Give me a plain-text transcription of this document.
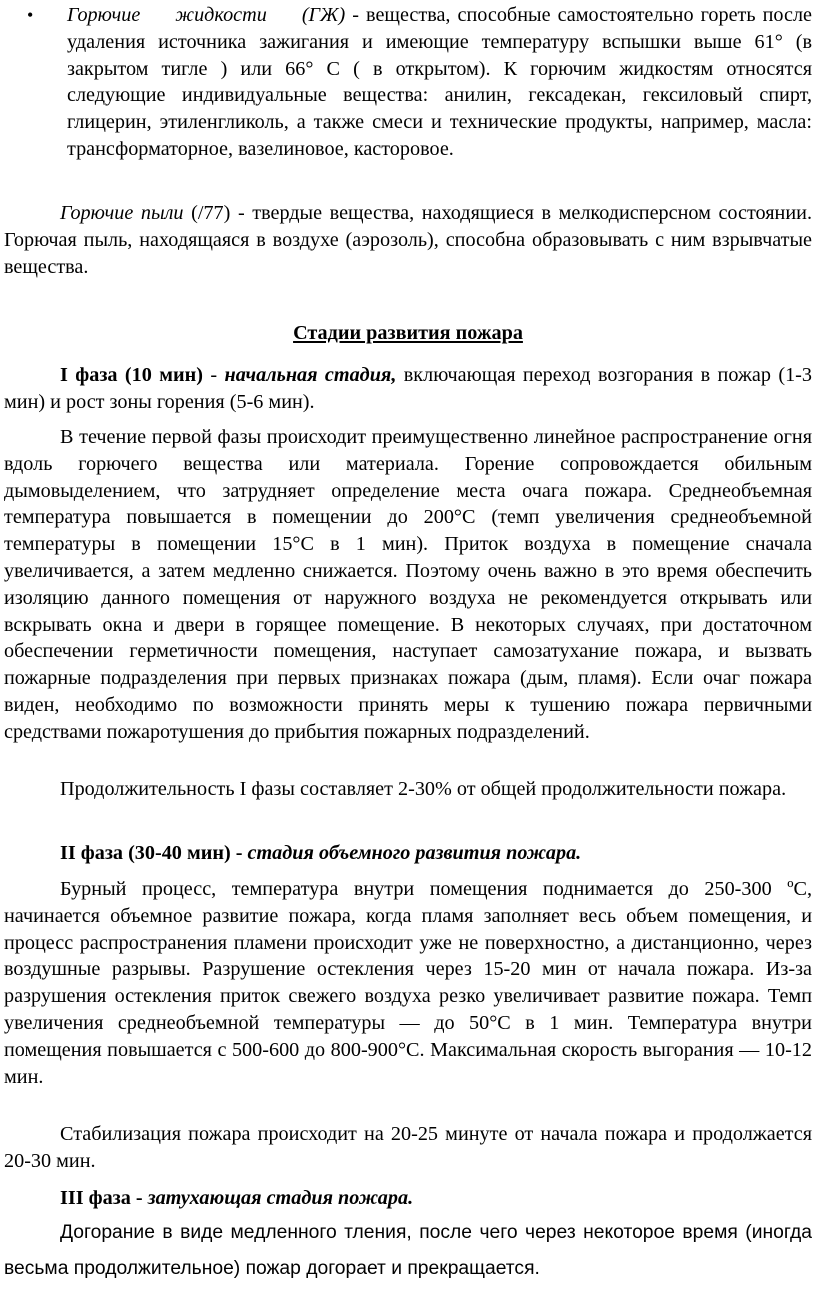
• Горючие жидкости (ГЖ) - вещества, способные самостоятельно гореть после удаления источника зажигания и имеющие температуру вспышки выше 61° (в закрытом тигле ) или 66° С ( в открытом). К горючим жидкостям относятся следующие индивидуальные вещества: анилин, гексадекан, гексиловый спирт, глицерин, этиленгликоль, а также смеси и технические продукты, например, масла: трансформаторное, вазелиновое, касторовое.

Горючие пыли (/77) - твердые вещества, находящиеся в мелкодисперсном состоянии. Горючая пыль, находящаяся в воздухе (аэрозоль), способна образовывать с ним взрывчатые вещества.

Стадии развития пожара

I фаза (10 мин) - начальная стадия, включающая переход возгорания в пожар (1-3 мин) и рост зоны горения (5-6 мин).

В течение первой фазы происходит преимущественно линейное распространение огня вдоль горючего вещества или материала. Горение сопровождается обильным дымовыделением, что затрудняет определение места очага пожара. Среднеобъемная температура повышается в помещении до 200°С (темп увеличения среднеобъемной температуры в помещении 15°С в 1 мин). Приток воздуха в помещение сначала увеличивается, а затем медленно снижается. Поэтому очень важно в это время обеспечить изоляцию данного помещения от наружного воздуха не рекомендуется открывать или вскрывать окна и двери в горящее помещение. В некоторых случаях, при достаточном обеспечении герметичности помещения, наступает самозатухание пожара, и вызвать пожарные подразделения при первых признаках пожара (дым, пламя). Если очаг пожара виден, необходимо по возможности принять меры к тушению пожара первичными средствами пожаротушения до прибытия пожарных подразделений.

Продолжительность I фазы составляет 2-30% от общей продолжительности пожара.

II фаза (30-40 мин) - стадия объемного развития пожара.

Бурный процесс, температура внутри помещения поднимается до 250-300 ºС, начинается объемное развитие пожара, когда пламя заполняет весь объем помещения, и процесс распространения пламени происходит уже не поверхностно, а дистанционно, через воздушные разрывы. Разрушение остекления через 15-20 мин от начала пожара. Из-за разрушения остекления приток свежего воздуха резко увеличивает развитие пожара. Темп увеличения среднеобъемной температуры — до 50°С в 1 мин. Температура внутри помещения повышается с 500-600 до 800-900°С. Максимальная скорость выгорания — 10-12 мин.

Стабилизация пожара происходит на 20-25 минуте от начала пожара и продолжается 20-30 мин.

III фаза - затухающая стадия пожара.

Догорание в виде медленного тления, после чего через некоторое время (иногда весьма продолжительное) пожар догорает и прекращается.
